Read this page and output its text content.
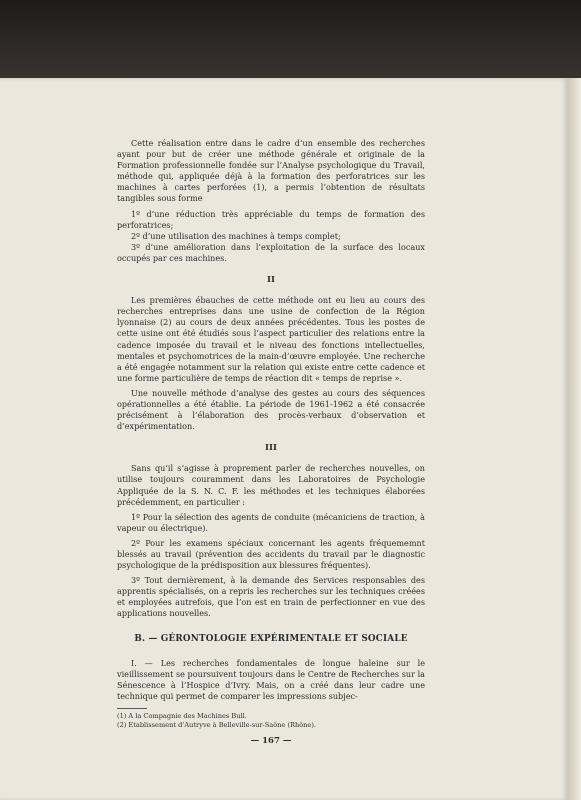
Cette réalisation entre dans le cadre d’un ensemble des recherches ayant pour but de créer une méthode générale et originale de la Formation professionnelle fondée sur l’Analyse psychologique du Travail, méthode qui, appliquée déjà à la formation des perforatrices sur les machines à cartes perforées (1), a permis l’obtention de résultats tangibles sous forme

1º d’une réduction très appréciable du temps de formation des perforatrices;

2º d’une utilisation des machines à temps complet;

3º d’une amélioration dans l’exploitation de la surface des locaux occupés par ces machines.

II

Les premières ébauches de cette méthode ont eu lieu au cours des recherches entreprises dans une usine de confection de la Région lyonnaise (2) au cours de deux années précédentes. Tous les postes de cette usine ont été étudiés sous l’aspect particulier des relations entre la cadence imposée du travail et le niveau des fonctions intellectuelles, mentales et psychomotrices de la main-d’œuvre employée. Une recherche a été engagée notamment sur la relation qui existe entre cette cadence et une forme particulière de temps de réaction dit « temps de reprise ».

Une nouvelle méthode d’analyse des gestes au cours des séquences opérationnelles a été établie. La période de 1961-1962 a été consacrée précisément à l’élaboration des procès-verbaux d’observation et d’expérimentation.

III

Sans qu’il s’agisse à proprement parler de recherches nouvelles, on utilise toujours couramment dans les Laboratoires de Psychologie Appliquée de la S. N. C. F. les méthodes et les techniques élaborées précédemment, en particulier :

1º Pour la sélection des agents de conduite (mécaniciens de traction, à vapeur ou électrique).

2º Pour les examens spéciaux concernant les agents fréquememnt blessés au travail (prévention des accidents du travail par le diagnostic psychologique de la prédisposition aux blessures fréquentes).

3º Tout dernièrement, à la demande des Services responsables des apprentis spécialisés, on a repris les recherches sur les techniques créées et employées autrefois, que l’on est en train de perfectionner en vue des applications nouvelles.

B. — GÉRONTOLOGIE EXPÉRIMENTALE ET SOCIALE

I. — Les recherches fondamentales de longue haleine sur le vieillissement se poursuivent toujours dans le Centre de Recherches sur la Sénescence à l’Hospice d’Ivry. Mais, on a créé dans leur cadre une technique qui permet de comparer les impressions subjec-

(1) A la Compagnie des Machines Bull.

(2) Etablissement d’Autryve à Belleville-sur-Saône (Rhône).

— 167 —
